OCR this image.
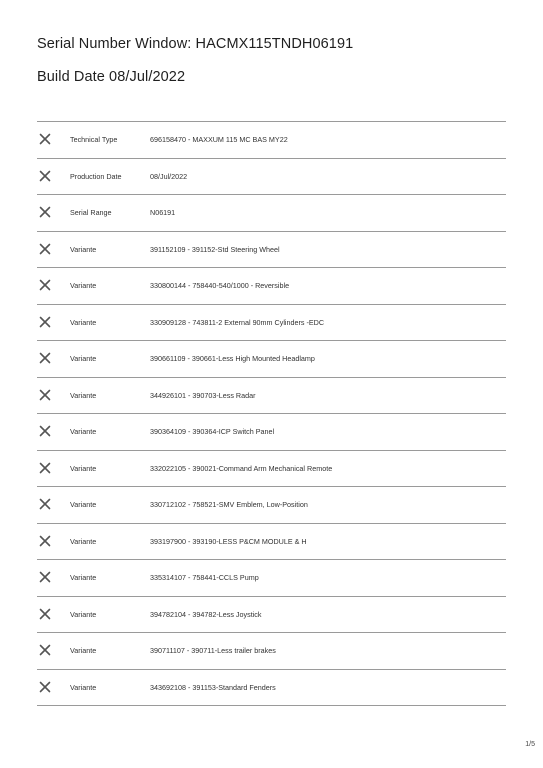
Serial Number Window: HACMX115TNDH06191
Build Date 08/Jul/2022
Technical Type	696158470 - MAXXUM 115 MC BAS MY22
Production Date	08/Jul/2022
Serial Range	N06191
Variante	391152109 - 391152-Std Steering Wheel
Variante	330800144 - 758440-540/1000 - Reversible
Variante	330909128 - 743811-2 External 90mm Cylinders -EDC
Variante	390661109 - 390661-Less High Mounted Headlamp
Variante	344926101 - 390703-Less Radar
Variante	390364109 - 390364-ICP Switch Panel
Variante	332022105 - 390021-Command Arm Mechanical Remote
Variante	330712102 - 758521-SMV Emblem, Low-Position
Variante	393197900 - 393190-LESS P&CM MODULE & H
Variante	335314107 - 758441-CCLS Pump
Variante	394782104 - 394782-Less Joystick
Variante	390711107 - 390711-Less trailer brakes
Variante	343692108 - 391153-Standard Fenders
1/5
